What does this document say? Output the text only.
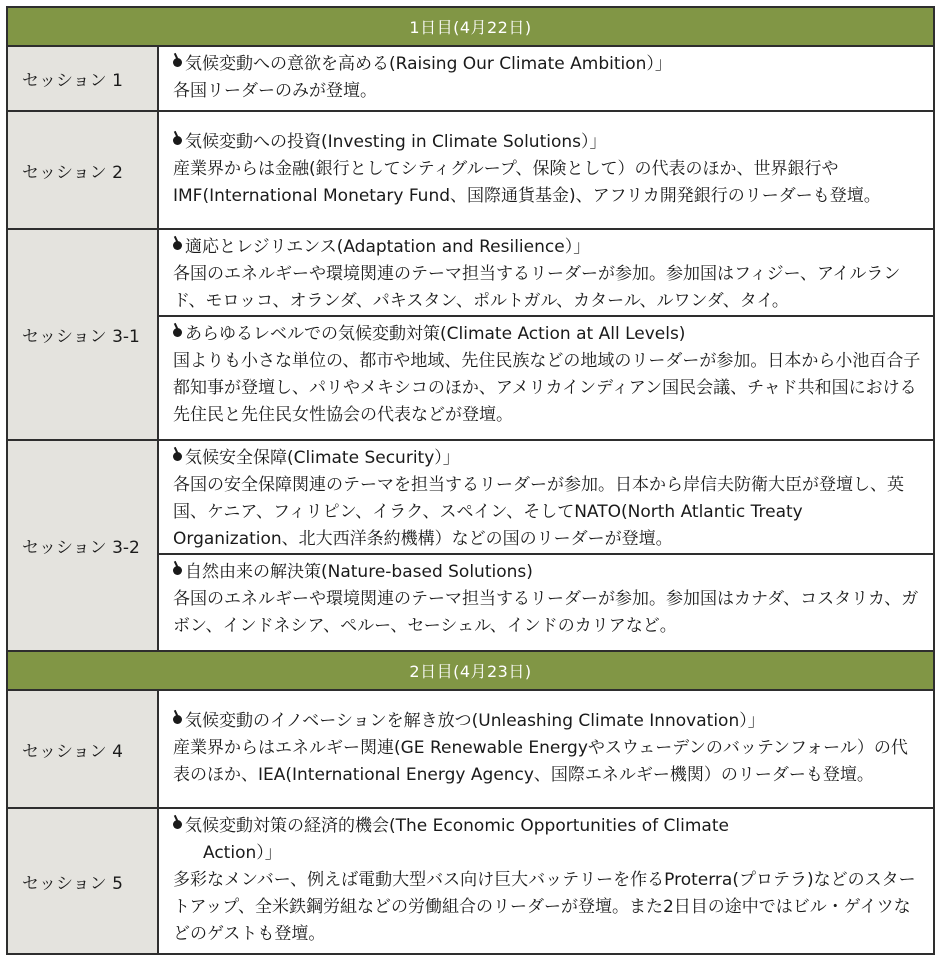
1日目(4月22日)	
セッション 1	気候変動への意欲を高める(Raising Our Climate Ambition）」
各国リーダーのみが登壇。

セッション 2	気候変動への投資(Investing in Climate Solutions）」
産業界からは金融(銀行としてシティグループ、保険として）の代表のほか、世界銀行やIMF(International Monetary Fund、国際通貨基金)、アフリカ開発銀行のリーダーも登壇。

セッション 3-1	適応とレジリエンス(Adaptation and Resilience）」
各国のエネルギーや環境関連のテーマ担当するリーダーが参加。参加国はフィジー、アイルランド、モロッコ、オランダ、パキスタン、ポルトガル、カタール、ルワンダ、タイ。
あらゆるレベルでの気候変動対策(Climate Action at All Levels)
国よりも小さな単位の、都市や地域、先住民族などの地域のリーダーが参加。日本から小池百合子都知事が登壇し、パリやメキシコのほか、アメリカインディアン国民会議、チャド共和国における先住民と先住民女性協会の代表などが登壇。

セッション 3-2	気候安全保障(Climate Security）」
各国の安全保障関連のテーマを担当するリーダーが参加。日本から岸信夫防衛大臣が登壇し、英国、ケニア、フィリピン、イラク、スペイン、そしてNATO(North Atlantic Treaty Organization、北大西洋条約機構）などの国のリーダーが登壇。
自然由来の解決策(Nature-based Solutions)
各国のエネルギーや環境関連のテーマ担当するリーダーが参加。参加国はカナダ、コスタリカ、ガボン、インドネシア、ペルー、セーシェル、インドのカリアなど。

2日目(4月23日)	
セッション 4	気候変動のイノベーションを解き放つ(Unleashing Climate Innovation）」
産業界からはエネルギー関連(GE Renewable Energyやスウェーデンのバッテンフォール）の代表のほか、IEA(International Energy Agency、国際エネルギー機関）のリーダーも登壇。

セッション 5	気候変動対策の経済的機会(The Economic Opportunities of Climate
Action）」
多彩なメンバー、例えば電動大型バス向け巨大バッテリーを作るProterra(プロテラ)などのスタートアップ、全米鉄鋼労組などの労働組合のリーダーが登壇。また2日目の途中ではビル・ゲイツなどのゲストも登壇。
